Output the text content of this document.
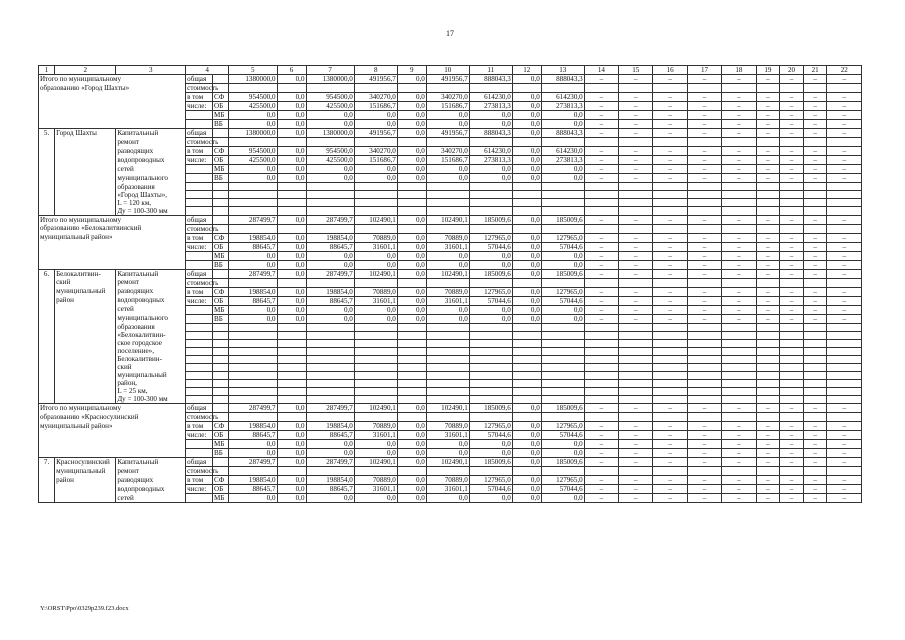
17
1	2	3	4		5	6	7	8	9	10	11	12	13	14	15	16	17	18	19	20	21	22
Итого по муниципальному			общая		1380000,0	0,0	1380000,0	491956,7	0,0	491956,7	888043,3	0,0	888043,3	–	–	–	–	–	–	–	–	–
образованию «Город Шахты»			стоимость																			
			в том	СФ	954500,0	0,0	954500,0	340270,0	0,0	340270,0	614230,0	0,0	614230,0	–	–	–	–	–	–	–	–	–
			числе:	ОБ	425500,0	0,0	425500,0	151686,7	0,0	151686,7	273813,3	0,0	273813,3	–	–	–	–	–	–	–	–	–
				МБ	0,0	0,0	0,0	0,0	0,0	0,0	0,0	0,0	0,0	–	–	–	–	–	–	–	–	–
				ВБ	0,0	0,0	0,0	0,0	0,0	0,0	0,0	0,0	0,0	–	–	–	–	–	–	–	–	–
5.	Город Шахты	Капитальный	общая		1380000,0	0,0	1380000,0	491956,7	0,0	491956,7	888043,3	0,0	888043,3	–	–	–	–	–	–	–	–	–
		ремонт	стоимость																			
		разводящих	в том	СФ	954500,0	0,0	954500,0	340270,0	0,0	340270,0	614230,0	0,0	614230,0	–	–	–	–	–	–	–	–	–
		водопроводных	числе:	ОБ	425500,0	0,0	425500,0	151686,7	0,0	151686,7	273813,3	0,0	273813,3	–	–	–	–	–	–	–	–	–
		сетей		МБ	0,0	0,0	0,0	0,0	0,0	0,0	0,0	0,0	0,0	–	–	–	–	–	–	–	–	–
		муниципального		ВБ	0,0	0,0	0,0	0,0	0,0	0,0	0,0	0,0	0,0	–	–	–	–	–	–	–	–	–
		образования																				
		«Город Шахты»,																				
		L = 120 км,																				
		Ду = 100-300 мм																				
Итого по муниципальному			общая		287499,7	0,0	287499,7	102490,1	0,0	102490,1	185009,6	0,0	185009,6	–	–	–	–	–	–	–	–	–
образованию «Белокалитвинский			стоимость																			
муниципальный район»			в том	СФ	198854,0	0,0	198854,0	70889,0	0,0	70889,0	127965,0	0,0	127965,0	–	–	–	–	–	–	–	–	–
			числе:	ОБ	88645,7	0,0	88645,7	31601,1	0,0	31601,1	57044,6	0,0	57044,6	–	–	–	–	–	–	–	–	–
				МБ	0,0	0,0	0,0	0,0	0,0	0,0	0,0	0,0	0,0	–	–	–	–	–	–	–	–	–
				ВБ	0,0	0,0	0,0	0,0	0,0	0,0	0,0	0,0	0,0	–	–	–	–	–	–	–	–	–
6.	Белокалитвин-	Капитальный	общая		287499,7	0,0	287499,7	102490,1	0,0	102490,1	185009,6	0,0	185009,6	–	–	–	–	–	–	–	–	–
	ский	ремонт	стоимость																			
	муниципальный	разводящих	в том	СФ	198854,0	0,0	198854,0	70889,0	0,0	70889,0	127965,0	0,0	127965,0	–	–	–	–	–	–	–	–	–
	район	водопроводных	числе:	ОБ	88645,7	0,0	88645,7	31601,1	0,0	31601,1	57044,6	0,0	57044,6	–	–	–	–	–	–	–	–	–
		сетей		МБ	0,0	0,0	0,0	0,0	0,0	0,0	0,0	0,0	0,0	–	–	–	–	–	–	–	–	–
		муниципального		ВБ	0,0	0,0	0,0	0,0	0,0	0,0	0,0	0,0	0,0	–	–	–	–	–	–	–	–	–
		образования																				
		«Белокалитвин-																				
		ское городское																				
		поселение»,																				
		Белокалитвин-																				
		ский																				
		муниципальный																				
		район,																				
		L = 25 км,																				
		Ду = 100-300 мм																				
Итого по муниципальному			общая		287499,7	0,0	287499,7	102490,1	0,0	102490,1	185009,6	0,0	185009,6	–	–	–	–	–	–	–	–	–
образованию «Красносулинский			стоимость																			
муниципальный район»			в том	СФ	198854,0	0,0	198854,0	70889,0	0,0	70889,0	127965,0	0,0	127965,0	–	–	–	–	–	–	–	–	–
			числе:	ОБ	88645,7	0,0	88645,7	31601,1	0,0	31601,1	57044,6	0,0	57044,6	–	–	–	–	–	–	–	–	–
				МБ	0,0	0,0	0,0	0,0	0,0	0,0	0,0	0,0	0,0	–	–	–	–	–	–	–	–	–
				ВБ	0,0	0,0	0,0	0,0	0,0	0,0	0,0	0,0	0,0	–	–	–	–	–	–	–	–	–
7.	Красносулинский	Капитальный	общая		287499,7	0,0	287499,7	102490,1	0,0	102490,1	185009,6	0,0	185009,6	–	–	–	–	–	–	–	–	–
	муниципальный	ремонт	стоимость																			
	район	разводящих	в том	СФ	198854,0	0,0	198854,0	70889,0	0,0	70889,0	127965,0	0,0	127965,0	–	–	–	–	–	–	–	–	–
		водопроводных	числе:	ОБ	88645,7	0,0	88645,7	31601,1	0,0	31601,1	57044,6	0,0	57044,6	–	–	–	–	–	–	–	–	–
		сетей		МБ	0,0	0,0	0,0	0,0	0,0	0,0	0,0	0,0	0,0	–	–	–	–	–	–	–	–	–
Y:\ORST\Ppo\0329p239.f23.docx
